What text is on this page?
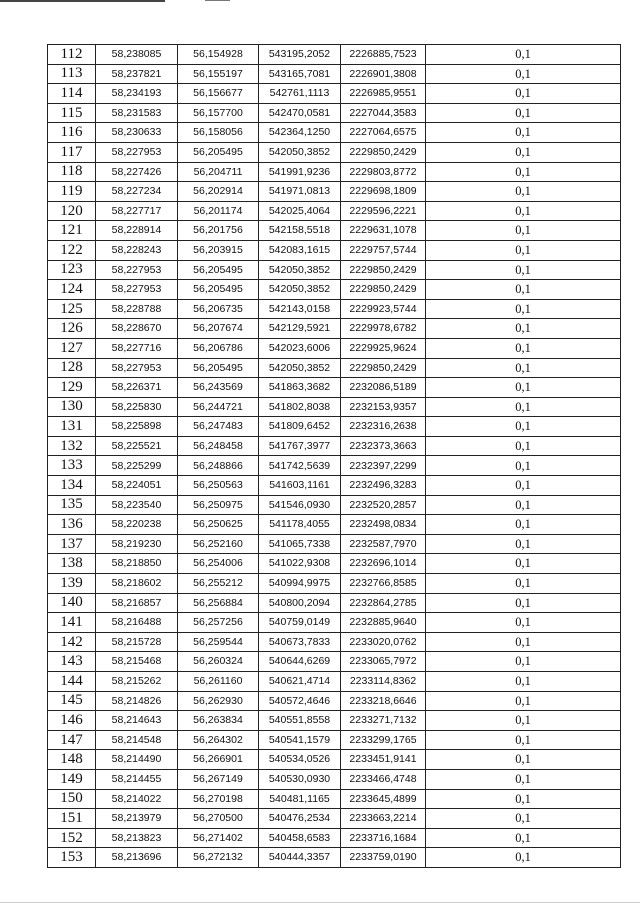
112	58,238085	56,154928	543195,2052	2226885,7523	0,1
113	58,237821	56,155197	543165,7081	2226901,3808	0,1
114	58,234193	56,156677	542761,1113	2226985,9551	0,1
115	58,231583	56,157700	542470,0581	2227044,3583	0,1
116	58,230633	56,158056	542364,1250	2227064,6575	0,1
117	58,227953	56,205495	542050,3852	2229850,2429	0,1
118	58,227426	56,204711	541991,9236	2229803,8772	0,1
119	58,227234	56,202914	541971,0813	2229698,1809	0,1
120	58,227717	56,201174	542025,4064	2229596,2221	0,1
121	58,228914	56,201756	542158,5518	2229631,1078	0,1
122	58,228243	56,203915	542083,1615	2229757,5744	0,1
123	58,227953	56,205495	542050,3852	2229850,2429	0,1
124	58,227953	56,205495	542050,3852	2229850,2429	0,1
125	58,228788	56,206735	542143,0158	2229923,5744	0,1
126	58,228670	56,207674	542129,5921	2229978,6782	0,1
127	58,227716	56,206786	542023,6006	2229925,9624	0,1
128	58,227953	56,205495	542050,3852	2229850,2429	0,1
129	58,226371	56,243569	541863,3682	2232086,5189	0,1
130	58,225830	56,244721	541802,8038	2232153,9357	0,1
131	58,225898	56,247483	541809,6452	2232316,2638	0,1
132	58,225521	56,248458	541767,3977	2232373,3663	0,1
133	58,225299	56,248866	541742,5639	2232397,2299	0,1
134	58,224051	56,250563	541603,1161	2232496,3283	0,1
135	58,223540	56,250975	541546,0930	2232520,2857	0,1
136	58,220238	56,250625	541178,4055	2232498,0834	0,1
137	58,219230	56,252160	541065,7338	2232587,7970	0,1
138	58,218850	56,254006	541022,9308	2232696,1014	0,1
139	58,218602	56,255212	540994,9975	2232766,8585	0,1
140	58,216857	56,256884	540800,2094	2232864,2785	0,1
141	58,216488	56,257256	540759,0149	2232885,9640	0,1
142	58,215728	56,259544	540673,7833	2233020,0762	0,1
143	58,215468	56,260324	540644,6269	2233065,7972	0,1
144	58,215262	56,261160	540621,4714	2233114,8362	0,1
145	58,214826	56,262930	540572,4646	2233218,6646	0,1
146	58,214643	56,263834	540551,8558	2233271,7132	0,1
147	58,214548	56,264302	540541,1579	2233299,1765	0,1
148	58,214490	56,266901	540534,0526	2233451,9141	0,1
149	58,214455	56,267149	540530,0930	2233466,4748	0,1
150	58,214022	56,270198	540481,1165	2233645,4899	0,1
151	58,213979	56,270500	540476,2534	2233663,2214	0,1
152	58,213823	56,271402	540458,6583	2233716,1684	0,1
153	58,213696	56,272132	540444,3357	2233759,0190	0,1
